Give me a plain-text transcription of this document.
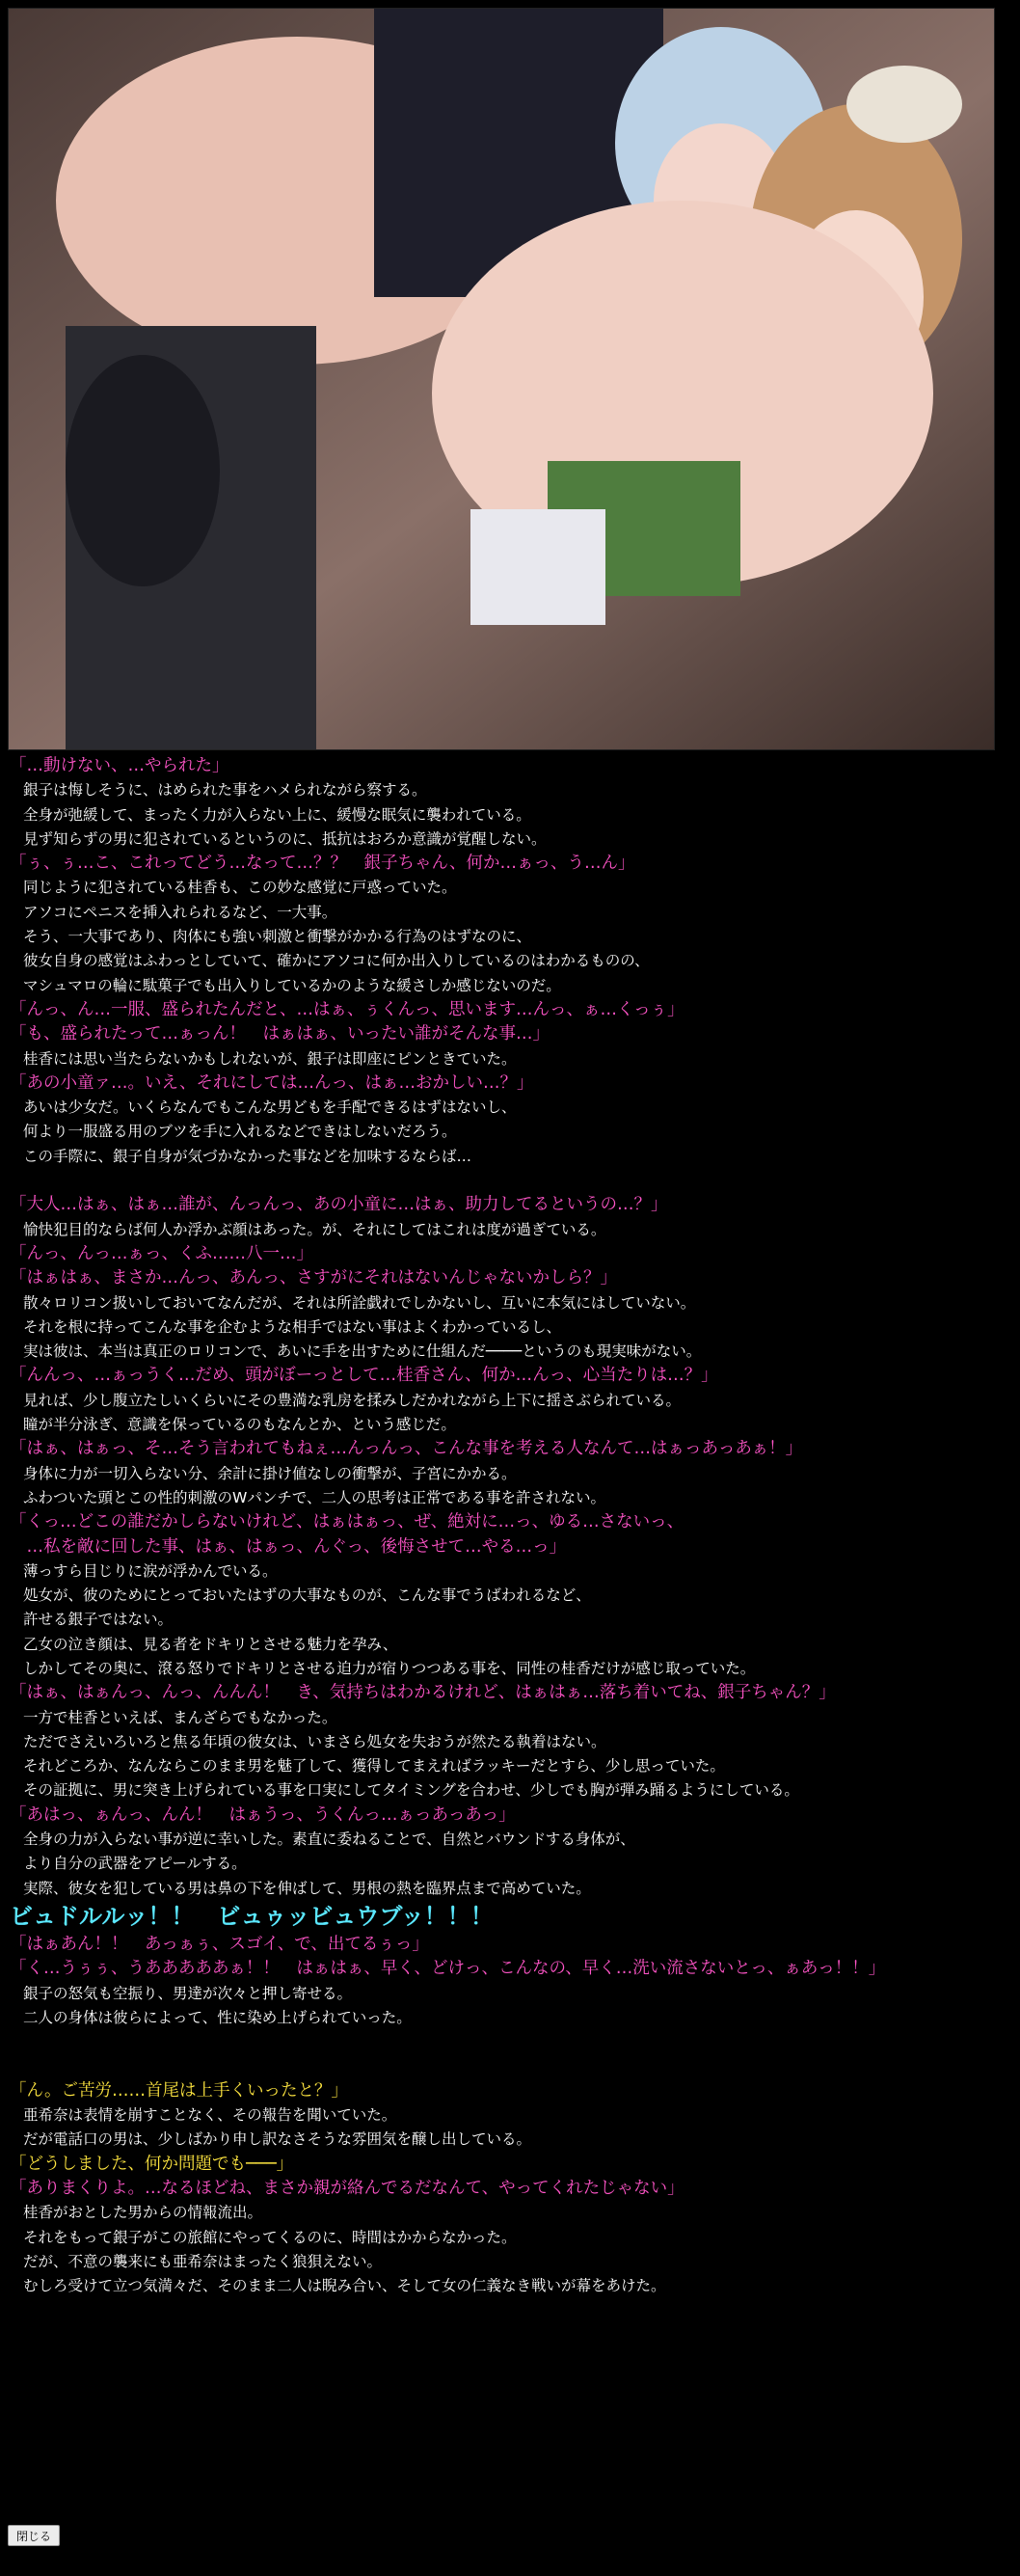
「…動けない、…やられた」
銀子は悔しそうに、はめられた事をハメられながら察する。
全身が弛緩して、まったく力が入らない上に、緩慢な眠気に襲われている。
見ず知らずの男に犯されているというのに、抵抗はおろか意識が覚醒しない。
「ぅ、ぅ…こ、これってどう…なって…？？　銀子ちゃん、何か…ぁっ、う…ん」
同じように犯されている桂香も、この妙な感覚に戸惑っていた。
アソコにペニスを挿入れられるなど、一大事。
そう、一大事であり、肉体にも強い刺激と衝撃がかかる行為のはずなのに、
彼女自身の感覚はふわっとしていて、確かにアソコに何か出入りしているのはわかるものの、
マシュマロの輪に駄菓子でも出入りしているかのような緩さしか感じないのだ。
「んっ、ん…一服、盛られたんだと、…はぁ、ぅくんっ、思います…んっ、ぁ…くっぅ」
「も、盛られたって…ぁっん！　はぁはぁ、いったい誰がそんな事…」
桂香には思い当たらないかもしれないが、銀子は即座にピンときていた。
「あの小童ァ…。いえ、それにしては…んっ、はぁ…おかしい…？」
あいは少女だ。いくらなんでもこんな男どもを手配できるはずはないし、
何より一服盛る用のブツを手に入れるなどできはしないだろう。
この手際に、銀子自身が気づかなかった事などを加味するならば…
「大人…はぁ、はぁ…誰が、んっんっ、あの小童に…はぁ、助力してるというの…？」
愉快犯目的ならば何人か浮かぶ顔はあった。が、それにしてはこれは度が過ぎている。
「んっ、んっ…ぁっ、くふ……八一…」
「はぁはぁ、まさか…んっ、あんっ、さすがにそれはないんじゃないかしら？」
散々ロリコン扱いしておいてなんだが、それは所詮戯れでしかないし、互いに本気にはしていない。
それを根に持ってこんな事を企むような相手ではない事はよくわかっているし、
実は彼は、本当は真正のロリコンで、あいに手を出すために仕組んだ────というのも現実味がない。
「んんっ、…ぁっうく…だめ、頭がぼーっとして…桂香さん、何か…んっ、心当たりは…？」
見れば、少し腹立たしいくらいにその豊満な乳房を揉みしだかれながら上下に揺さぶられている。
瞳が半分泳ぎ、意識を保っているのもなんとか、という感じだ。
「はぁ、はぁっ、そ…そう言われてもねぇ…んっんっ、こんな事を考える人なんて…はぁっあっあぁ！」
身体に力が一切入らない分、余計に掛け値なしの衝撃が、子宮にかかる。
ふわついた頭とこの性的刺激のWパンチで、二人の思考は正常である事を許されない。
「くっ…どこの誰だかしらないけれど、はぁはぁっ、ぜ、絶対に…っ、ゆる…さないっ、
　…私を敵に回した事、はぁ、はぁっ、んぐっ、後悔させて…やる…っ」
薄っすら目じりに涙が浮かんでいる。
処女が、彼のためにとっておいたはずの大事なものが、こんな事でうばわれるなど、
許せる銀子ではない。
乙女の泣き顔は、見る者をドキリとさせる魅力を孕み、
しかしてその奥に、滾る怒りでドキリとさせる迫力が宿りつつある事を、同性の桂香だけが感じ取っていた。
「はぁ、はぁんっ、んっ、んんん！　き、気持ちはわかるけれど、はぁはぁ…落ち着いてね、銀子ちゃん？」
一方で桂香といえば、まんざらでもなかった。
ただでさえいろいろと焦る年頃の彼女は、いまさら処女を失おうが然たる執着はない。
それどころか、なんならこのまま男を魅了して、獲得してまえればラッキーだとすら、少し思っていた。
その証拠に、男に突き上げられている事を口実にしてタイミングを合わせ、少しでも胸が弾み踊るようにしている。
「あはっ、ぁんっ、んん！　はぁうっ、うくんっ…ぁっあっあっ」
全身の力が入らない事が逆に幸いした。素直に委ねることで、自然とバウンドする身体が、
より自分の武器をアピールする。
実際、彼女を犯している男は鼻の下を伸ばして、男根の熱を臨界点まで高めていた。
ビュドルルッ！！　ビュゥッビュウブッ！！！
「はぁあん！！　あっぁぅ、スゴイ、で、出てるぅっ」
「く…うぅぅ、うあああああぁ！！　はぁはぁ、早く、どけっ、こんなの、早く…洗い流さないとっ、ぁあっ！！」
銀子の怒気も空振り、男達が次々と押し寄せる。
二人の身体は彼らによって、性に染め上げられていった。
「ん。ご苦労……首尾は上手くいったと？」
亜希奈は表情を崩すことなく、その報告を聞いていた。
だが電話口の男は、少しばかり申し訳なさそうな雰囲気を醸し出している。
「どうしました、何か問題でも───」
「ありまくりよ。…なるほどね、まさか親が絡んでるだなんて、やってくれたじゃない」
桂香がおとした男からの情報流出。
それをもって銀子がこの旅館にやってくるのに、時間はかからなかった。
だが、不意の襲来にも亜希奈はまったく狼狽えない。
むしろ受けて立つ気満々だ、そのまま二人は睨み合い、そして女の仁義なき戦いが幕をあけた。
閉じる
